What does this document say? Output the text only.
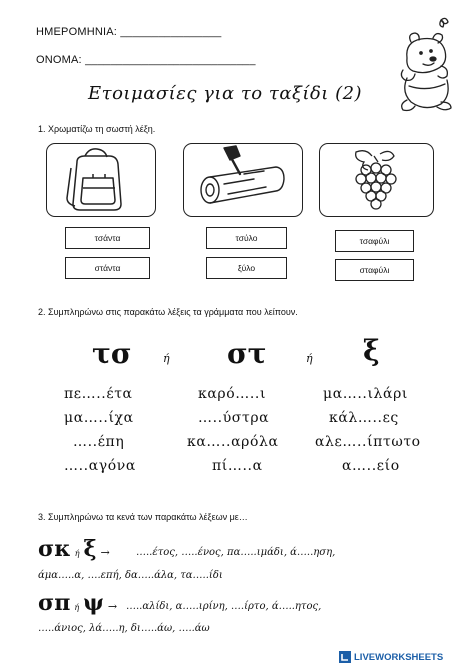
ΗΜΕΡΟΜΗΝΙΑ: ________________
ΟΝΟΜΑ: ___________________________
Ετοιμασίες για το ταξίδι (2)
1. Χρωματίζω τη σωστή λέξη.
τσάντα
στάντα
τσύλο
ξύλο
τσαφύλι
σταφύλι
2. Συμπληρώνω στις παρακάτω λέξεις τα γράμματα που λείπουν.
τσ	ή στ	ή ξ
πε…..έτα	καρό…..ι	μα…..ιλάρι
μα…..ίχα	…..ύστρα	κάλ…..ες
…..έπη	κα…..αρόλα	αλε…..ίπτωτο
…..αγόνα	πί…..α	α…..είο
3. Συμπληρώνω τα κενά των παρακάτω λέξεων με…
σκ ή ξ →	…..έτος, …..ένος, πα…..ιμάδι, ά…..ηση,
άμα…..α, ….επή, δα…..άλα, τα…..ίδι
σπ ή ψ → …..αλίδι, α…..ιρίνη, ….ίρτο, ά…..ητος,
…..άνιος, λά…..η, δι…..άω, …..άω
LIVEWORKSHEETS
